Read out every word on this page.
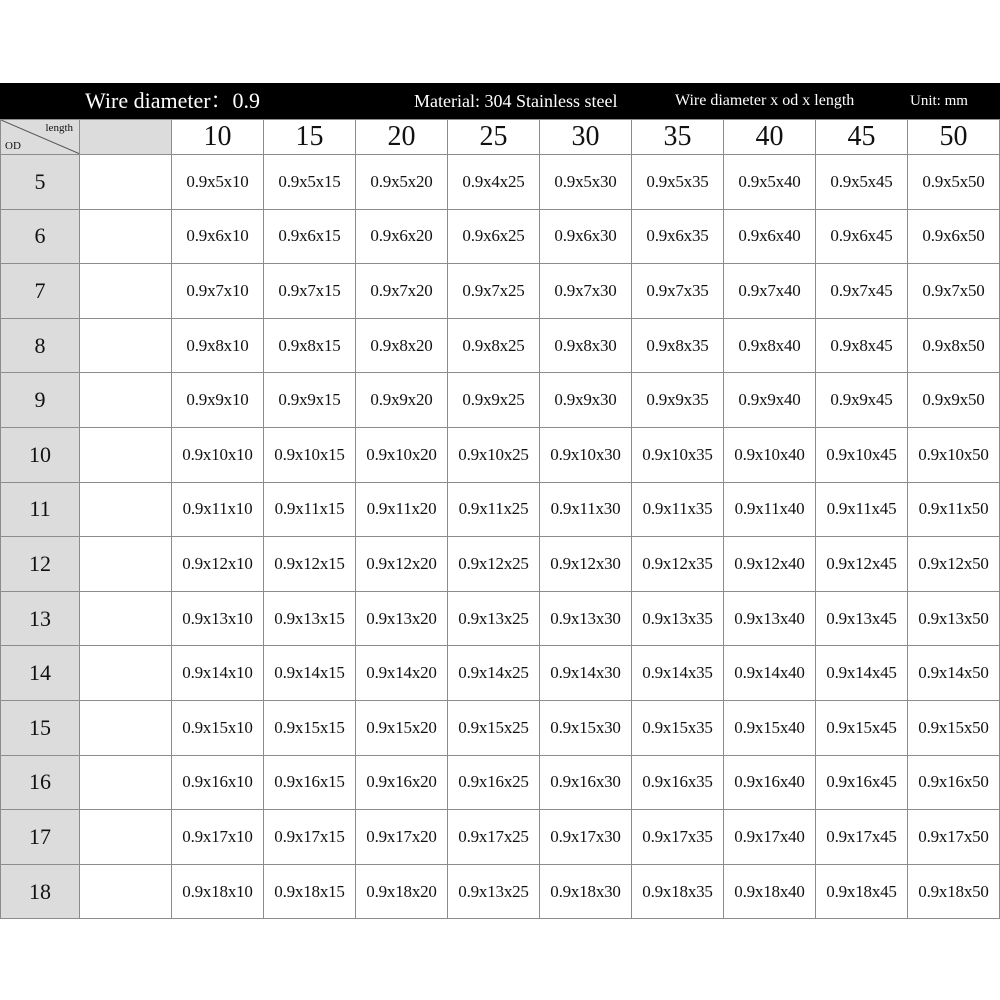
Wire diameter：0.9	Material: 304 Stainless steel	Wire diameter x od x length	Unit: mm
length
OD		10	15	20	25	30	35	40	45	50
5		0.9x5x10	0.9x5x15	0.9x5x20	0.9x4x25	0.9x5x30	0.9x5x35	0.9x5x40	0.9x5x45	0.9x5x50
6		0.9x6x10	0.9x6x15	0.9x6x20	0.9x6x25	0.9x6x30	0.9x6x35	0.9x6x40	0.9x6x45	0.9x6x50
7		0.9x7x10	0.9x7x15	0.9x7x20	0.9x7x25	0.9x7x30	0.9x7x35	0.9x7x40	0.9x7x45	0.9x7x50
8		0.9x8x10	0.9x8x15	0.9x8x20	0.9x8x25	0.9x8x30	0.9x8x35	0.9x8x40	0.9x8x45	0.9x8x50
9		0.9x9x10	0.9x9x15	0.9x9x20	0.9x9x25	0.9x9x30	0.9x9x35	0.9x9x40	0.9x9x45	0.9x9x50
10		0.9x10x10	0.9x10x15	0.9x10x20	0.9x10x25	0.9x10x30	0.9x10x35	0.9x10x40	0.9x10x45	0.9x10x50
11		0.9x11x10	0.9x11x15	0.9x11x20	0.9x11x25	0.9x11x30	0.9x11x35	0.9x11x40	0.9x11x45	0.9x11x50
12		0.9x12x10	0.9x12x15	0.9x12x20	0.9x12x25	0.9x12x30	0.9x12x35	0.9x12x40	0.9x12x45	0.9x12x50
13		0.9x13x10	0.9x13x15	0.9x13x20	0.9x13x25	0.9x13x30	0.9x13x35	0.9x13x40	0.9x13x45	0.9x13x50
14		0.9x14x10	0.9x14x15	0.9x14x20	0.9x14x25	0.9x14x30	0.9x14x35	0.9x14x40	0.9x14x45	0.9x14x50
15		0.9x15x10	0.9x15x15	0.9x15x20	0.9x15x25	0.9x15x30	0.9x15x35	0.9x15x40	0.9x15x45	0.9x15x50
16		0.9x16x10	0.9x16x15	0.9x16x20	0.9x16x25	0.9x16x30	0.9x16x35	0.9x16x40	0.9x16x45	0.9x16x50
17		0.9x17x10	0.9x17x15	0.9x17x20	0.9x17x25	0.9x17x30	0.9x17x35	0.9x17x40	0.9x17x45	0.9x17x50
18		0.9x18x10	0.9x18x15	0.9x18x20	0.9x13x25	0.9x18x30	0.9x18x35	0.9x18x40	0.9x18x45	0.9x18x50
